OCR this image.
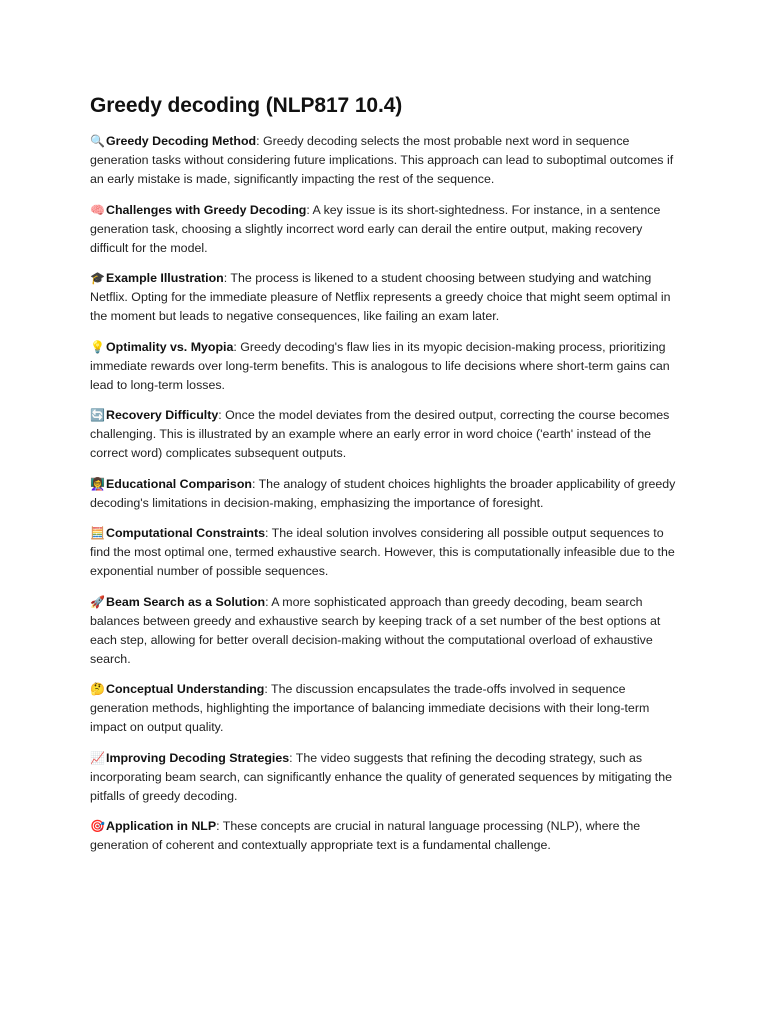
Greedy decoding (NLP817 10.4)

🔍Greedy Decoding Method: Greedy decoding selects the most probable next word in sequence generation tasks without considering future implications. This approach can lead to suboptimal outcomes if an early mistake is made, significantly impacting the rest of the sequence.

🧠Challenges with Greedy Decoding: A key issue is its short-sightedness. For instance, in a sentence generation task, choosing a slightly incorrect word early can derail the entire output, making recovery difficult for the model.

🎓Example Illustration: The process is likened to a student choosing between studying and watching Netflix. Opting for the immediate pleasure of Netflix represents a greedy choice that might seem optimal in the moment but leads to negative consequences, like failing an exam later.

💡Optimality vs. Myopia: Greedy decoding's flaw lies in its myopic decision-making process, prioritizing immediate rewards over long-term benefits. This is analogous to life decisions where short-term gains can lead to long-term losses.

🔄Recovery Difficulty: Once the model deviates from the desired output, correcting the course becomes challenging. This is illustrated by an example where an early error in word choice ('earth' instead of the correct word) complicates subsequent outputs.

👩‍🏫Educational Comparison: The analogy of student choices highlights the broader applicability of greedy decoding's limitations in decision-making, emphasizing the importance of foresight.

🧮Computational Constraints: The ideal solution involves considering all possible output sequences to find the most optimal one, termed exhaustive search. However, this is computationally infeasible due to the exponential number of possible sequences.

🚀Beam Search as a Solution: A more sophisticated approach than greedy decoding, beam search balances between greedy and exhaustive search by keeping track of a set number of the best options at each step, allowing for better overall decision-making without the computational overload of exhaustive search.

🤔Conceptual Understanding: The discussion encapsulates the trade-offs involved in sequence generation methods, highlighting the importance of balancing immediate decisions with their long-term impact on output quality.

📈Improving Decoding Strategies: The video suggests that refining the decoding strategy, such as incorporating beam search, can significantly enhance the quality of generated sequences by mitigating the pitfalls of greedy decoding.

🎯Application in NLP: These concepts are crucial in natural language processing (NLP), where the generation of coherent and contextually appropriate text is a fundamental challenge.
